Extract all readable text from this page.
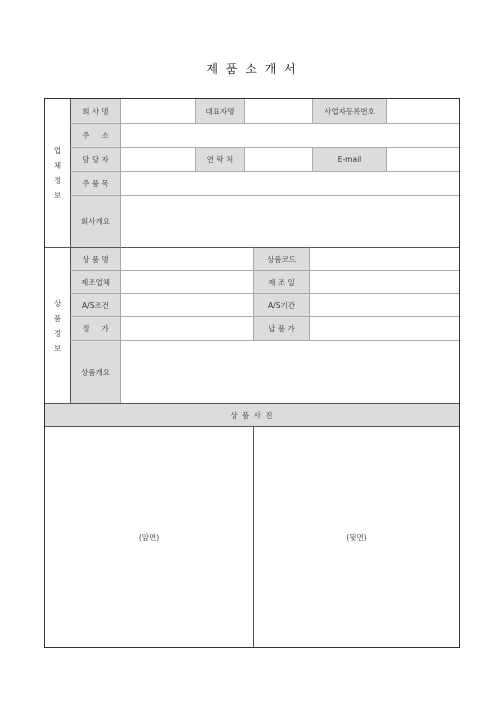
제 품 소 개 서
업
체
정
보
회 사 명	대표자명	사업자등록번호
주     소
담 당 자	연 락 처	E-mail
주 품 목
회사개요
상
품
정
보
상 품 명	상품코드
제조업체	제 조 일
A/S조건	A/S기간
정     가	납 품 가
상품개요
상 품 사 진
(앞면)	(뒷면)
